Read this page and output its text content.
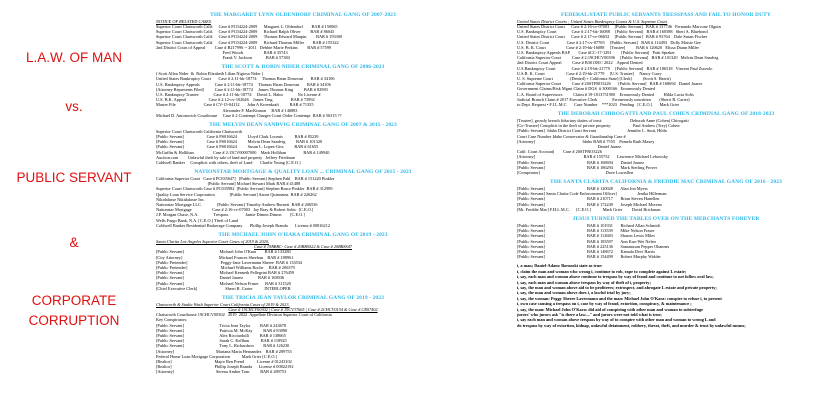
L.A.W. OF MAN
vs.
PUBLIC SERVANT
&
CORPORATE
CORRUPTION
THE MARGARET LYNN OLDENDORF CRIMINAL GANG OF 2007-2023
NOTICE OF RELATED CASES
Superior Court Chatsworth Calif.     Case # PC04224-2009      Margaret L. Oldendorf        BAR # 150065
Superior Court Chatsworth Calif.     Case # PC04224-2009      Richard Ralph Oliver         BAR # 86045
Superior Court Chatsworth Calif.     Case # PC04224-2009      Thomas Edward Maupin         BAR # 193300
Superior Court Chatsworth Calif.     Case # PC04224-2009      Richard Thomas Miller        BAR # 155322
2nd District Court of Appeal         Case # B217996 -- 2011   Debbie Marie Perkins         BAR # 57599
Fred Woods                   BAR # 35743
Frank V. Jackson             BAR # 57384
THE SCOTT & ROBIN NIDER CRIMINAL GANG OF 2006-2023
( Scott Allan Nider  &  Robin Elizabeth Lilian Nigiosa Nider )
United States Bankruptcy Court       Case # 2:11-bk-18774     Thomas Brian Donovan       BAR # 34106
U.S. Bankruptcy Appeals              Case # 2:11-bk-18774     Thomas Brian Donovan       BAR # 34106
[Attorney Represents Filed]          Case # 2:11-bk-18774     James Thomas King          BAR # 82983
U.S. Bankruptcy Trustee              Case # 2:11-bk-18774     David L. Hahn              No License #
U.S. B.K. Appeal                     Case # 2:12-cv-102646    James Ting                 BAR # 73992
Master File                          Case # CV-15-04112       John A Kroenkraft          BAR # 71355
Alexander F. MacKinnon     BAR # 146883
Michael D. Antonovich Courthouse     Case # 2 Contempt Charges Court Order Contempt  BAR # 56315 ??
THE MELVIN DEAN SANDVIG CRIMINAL GANG OF 2007 & 2015 - 2023
Superior Court Chatsworth California Chatsworth
[Public Servant]                     Case # PS016624          Lloyd Clark Loomis           BAR # 85239
[Public Servant]                     Case # PS016624          Melvin Dean Sandvig          BAR # 101320
[Public Servant]                     Case # PS016624          Susan L. Lopez-Giss          BAR # 61655
McGuffin & Hollihan                  Case # 2:15CV00007000    Mark Hollihan                BAR # 149940
Auction.com         Unlawful theft by sale of land and property   Jeffrey Friedman
Caldwell Banker     Complicit with others, theft of Land       Charlie Young [C.E.O.]
NATIONSTAR MORTGAGE & QUALITY LOAN ... CRIMINAL GANG OF 2015 - 2023
California Superior Court   Case # PC035647]   [Public Servant] Stephen Pahl    BAR # 151220 Pinkler
[Public Servant] Michael Stewart Mark BAR # 41488
Superior Court Chatsworth Case # PC035982  [Public Servant] Stephen Bruce Pinkler  BAR # 312989
Quality Loan Service Corporation              [Public Servant] Aaron Quinonina  BAR # 226262
Nikidalasse Nikidalasse Inc.
Nationstar Mortgage LLC.              [Public Servant] Timothy Andrew Burnett  BAR # 206536
Nationstar Mortgage                   Case # 2:16-cv-07003   Jay Bray & Robert Sobic  [C.E.O.]
J.P. Morgan Chase, N.A.              Trespass                Jamie Dimon Dimon        [C.E.O.]
Wells Fargo Bank, N.A. [C.E.O.] Theft of Land
Coldwell Banker Residential Brokerage Company       Phillip Joseph Branda       License # 00816212
THE MICHAEL JOHN O'HARA CRIMINAL GANG OF 2019 - 2023
Santa Clarita Los Angeles Superior Court Cases of 2019 & 2020,
Case # 19BBBC- Case # 20BBSS22 & Case # 20BBSS47
[Public Servant]                                 Michael John O'Kara        BAR # 133280
[City Attorney]                                  Michael Frances Sheehan    BAR # 188961
[Public Pretender]                               Peggy-Jane Lavermann Sheree  BAR # 133534
[Public Pretender]                               Michael Williams Roche     BAR # 206379
[Public Servant]                                 Michael Kenneth Pellegrini BAR # 276459
[Public Servant]                                 Daniel Juarez              BAR # 168036
[Public Servant]                                 Michael Nelson Fraser      BAR # 311520
[Chief Executive Clerk]                          Sherri R. Carter           INTERLOPER
THE TRICIA JEAN TAYLOR CRIMINAL GANG OF 2019 - 2023
Chatsworth & Stadia Wash Superior Court California Cases of 2019 & 2023,
Case # 19CHCV00302 | Case # 19CV37665 | Case # 2CHCV0154 & Case # CRS7402
Chatsworth Courthouse 19CHCV00302   2019  2022  Appellate Division Superior Court of California
Key Conspirators:
[Public Servant]                                 Tricia Jean Taylor         BAR # 243678
[Public Servant]                                 Patricia M. McKay          BAR # 83090
[Public Servant]                                 Alex Ricciardulli          BAR # 138665
[Public Servant]                                 Sarah C. Kellhan           BAR # 118925
[Public Servant]                                 Tony L. Richardson         BAR # 126230
[Attorney]                                       Mariana Maria Hernandez    BAR # 289753
Federal Home Loan Mortgage Corporation           Mark Grier [C.E.O.]
[Realtor]                                        Major Ben Prend            License # 01243102
[Realtor]                                        Phillip Joseph Branda      License # 00822192
[Attorney]                                       Serena Amber Tran          BAR # 289753
FEDERAL/STATE PUBLIC SERVANTS TRESSPASS AND FAIL TO HONOR DUTY
United States District Courts ; United States Bankruptcy Courts & U.S. Supreme Court
United States District Court      Case # 2:16-cv-07003     [Public Servant]   BAR # 137746   Fernando Marcone Olguin
U.S. Bankruptcy Court              Case # 2:17-bk-16088     [Public Servant]   BAR # 160588   Sheri A. Bluebond
United States District Court      Case # 2:17-cv-06652     [Public Servant]   BAR # 93764    Dale Susan Fischer
U.S. District Court                Case # 2:17-cv-07705     [Public Servant]   BAR # 114493   Dolly Maisie Gee
U.S. B. K. Court                   Case # 2:19-bk-16088     [Trustee]          BAR # 120620   Elissa Diann Miller
U.S. Bankruptcy Appeals BAP        Case #CC-17-1291         [Public Servant]   Patti Spraker
California Superior Court          Case # 2:19CHCV00396     [Public Servant]   BAR # 101320   Melvin Dean Sandvig
2nd District Court Appeal          Case # B301380 / 2022    Appeal Denied
U.S.Bankruptcy Court               Case # 2:19-bk-21779     [Public Servant]   BAR # 186518   Vincent Paul Zurzolo
U.S.B. K. Court                    Case # 2:19-bk-21779     [U.S. Trustee]     Nancy Curry
U. S. Supreme Court                (Denied) + California State) [Clerk]          (Scott S. Harris)
California Superior Court          Case # 20STFRO3226       [Public Servant]   BAR # 168694   Daniel Juarez
Government Claims/Risk Mgmt Claim # DGS  # 3000166   Erroneously Denied
L.A. Board of Supervisors          Claim # 19-1013751900    Erroneously Denied         Hilda Lucia Solis
Judicial Branch Claim # 2017 Executive Clerk              Erroneously unwritten        (Sherri R. Carter)
to Dept. Request • F.I.L.M.C       Case Number    ***1023   Pending   [C.E.O.]       Mark Grier
THE DEBORAH CHIROGATTI AND PAUL COHEN CRIMINAL GANG OF 2018-2023
[Trustee], grossly breach fiduciary duties of trust:                          Deborah Anne (Cohen) Chirogatti
[Co-Trustee] Complicit in the theft of private property:                    Paul Andrew (Trey) Cohen
[Public Servant]  Idaho District Court Servant                             Jennifer L. Smit, Hilda
Court Case Number Idaho Conservator & Guardianship Case #
[Attorney]                                            Idaho BAR # 7555    Pamela Ruth Maxey
Daniel Juarez
Calif. Court Account]        Case # 20STFRO3226
[Attorney]                                             BAR # 155752       Lawrence Michael Lebowsky
[Public Servant]                                       BAR # 168694       Daniel Juarez
[Public Servant]                                       BAR # 186294       Mark Sterling Prover
[Conspirator]                                                             Dave Lowrsllen
THE SANTA CLARITA CALIFORNIA & FREDDIE MAC CRIMINAL GANG OF 2016 - 2023
[Public Servant]                                       BAR # 120028       Alan Jon Myers
[Public Servant] Santa Clarita Code Enforcement Officer]                   Jenika Hillerman
[Public Servant]                                       BAR # 210717       Brian Steven Hanellen
[Public Servant]                                       BAR # 172249       Joseph Michael Moreno
[Mr. Freddie Mac] F.H.L.M.C.      [C.E.O.]           Mark Grier         David Brickman
JESUS TURNED THE TABLES OVER ON THE MERCHANTS FOREVER
[Public Servant]                                       BAR # 101931       Richard Allan Schmidt
[Public Servant]                                       BAR # 113539       Mike Nelson Fraser
[Public Servant]                                       BAR # 112683       Sharon Lewis Miles
[Public Servant]                                       BAR # 183597       Ann Kuo-Wei Nelen
[Public Servant]                                       BAR # 225136       Samanusan Pepper Ohannes
[Public Servant]                                       BAR # 148672       Kamala Devi Harris
[Public Servant]                                       BAR # 154499       Robert Murphy Widder
i, a man; Daniel-Adam: Boronski state as true:
i, claim the man and woman who wrong i, continue to rob, rape to complete against L estate;
i, say, each man and woman above continue to trespass by way of fraud and continue to not follow oral law;
i, say, each man and woman above trespass by way of theft of i, property;
i, say, the man and woman above aid to be profiteers; extrospect, and abrogate L estate and private property;
i, say, the man and woman above does i, a lawful trial by jury;
i, say, the woman: Peggy Sheree Lavermann and the man: Michael John O'Kara: conspire to refuse i, to present
i, own case causing a trespass on i, case by way of fraud, extortion, conspiracy, & maintenance ;
i, say, the man: Michael John O'Kara: did aid of conspiring with other man and woman to subterfuge
jurors' who jurors ask "is there a law...." and jurors were not told what is true;
i, say each man and woman above trespass by way of to conspire with other man and woman to wrong L and
do trespass by way of extortion, kidnap, unlawful detainment, robbery, threat, theft, and murder & trust by unlawful means;
